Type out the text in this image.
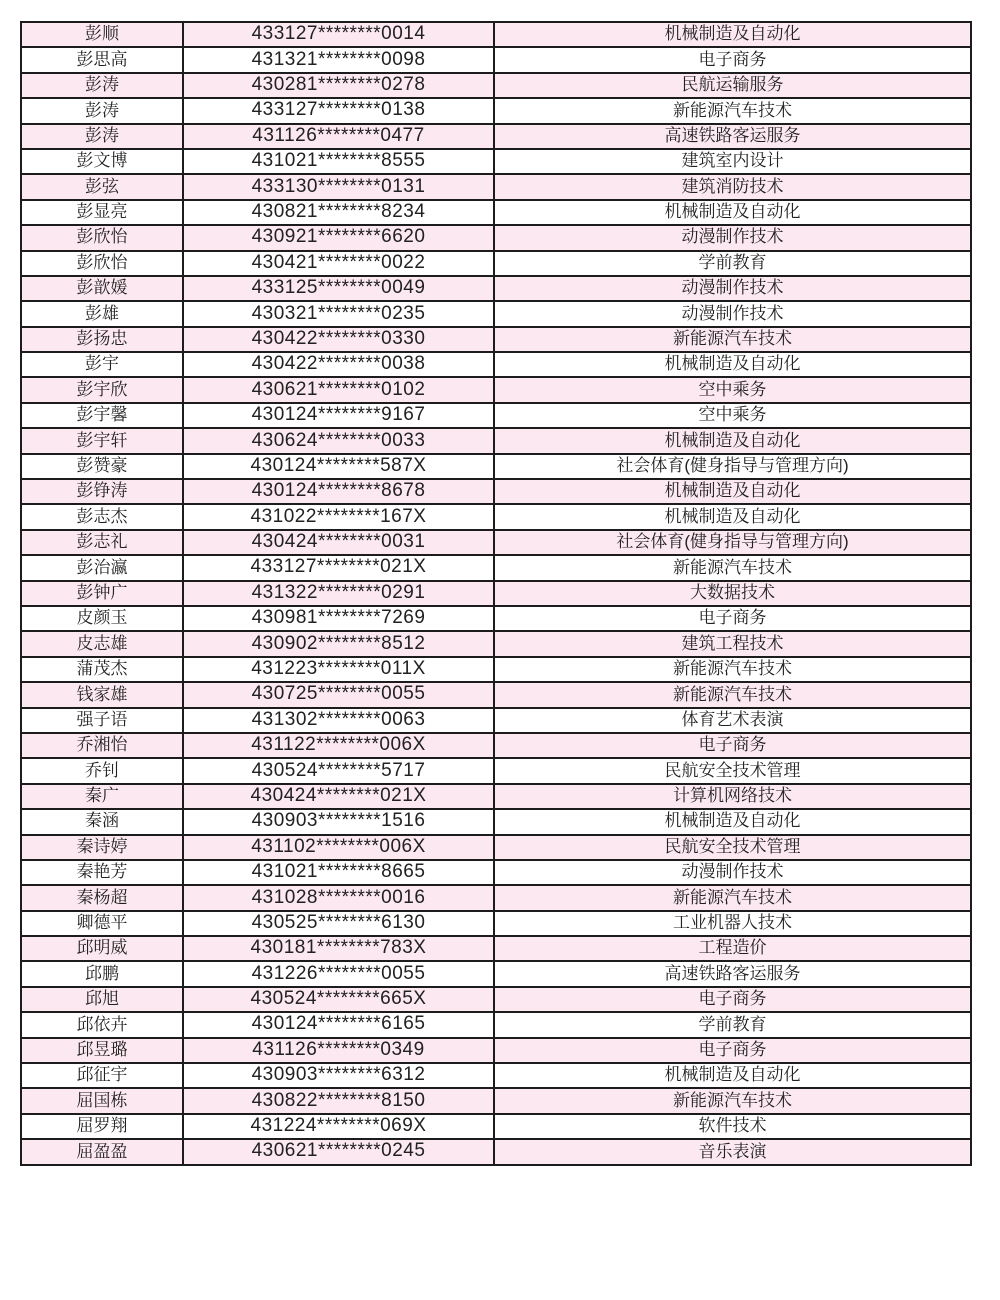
彭顺	433127********0014	机械制造及自动化
彭思高	431321********0098	电子商务
彭涛	430281********0278	民航运输服务
彭涛	433127********0138	新能源汽车技术
彭涛	431126********0477	高速铁路客运服务
彭文博	431021********8555	建筑室内设计
彭弦	433130********0131	建筑消防技术
彭显亮	430821********8234	机械制造及自动化
彭欣怡	430921********6620	动漫制作技术
彭欣怡	430421********0022	学前教育
彭歆媛	433125********0049	动漫制作技术
彭雄	430321********0235	动漫制作技术
彭扬忠	430422********0330	新能源汽车技术
彭宇	430422********0038	机械制造及自动化
彭宇欣	430621********0102	空中乘务
彭宇馨	430124********9167	空中乘务
彭宇轩	430624********0033	机械制造及自动化
彭赞豪	430124********587X	社会体育(健身指导与管理方向)
彭铮涛	430124********8678	机械制造及自动化
彭志杰	431022********167X	机械制造及自动化
彭志礼	430424********0031	社会体育(健身指导与管理方向)
彭治瀛	433127********021X	新能源汽车技术
彭钟广	431322********0291	大数据技术
皮颜玉	430981********7269	电子商务
皮志雄	430902********8512	建筑工程技术
蒲茂杰	431223********011X	新能源汽车技术
钱家雄	430725********0055	新能源汽车技术
强子语	431302********0063	体育艺术表演
乔湘怡	431122********006X	电子商务
乔钊	430524********5717	民航安全技术管理
秦广	430424********021X	计算机网络技术
秦涵	430903********1516	机械制造及自动化
秦诗婷	431102********006X	民航安全技术管理
秦艳芳	431021********8665	动漫制作技术
秦杨超	431028********0016	新能源汽车技术
卿德平	430525********6130	工业机器人技术
邱明威	430181********783X	工程造价
邱鹏	431226********0055	高速铁路客运服务
邱旭	430524********665X	电子商务
邱依卉	430124********6165	学前教育
邱昱璐	431126********0349	电子商务
邱征宇	430903********6312	机械制造及自动化
屈国栋	430822********8150	新能源汽车技术
屈罗翔	431224********069X	软件技术
屈盈盈	430621********0245	音乐表演
